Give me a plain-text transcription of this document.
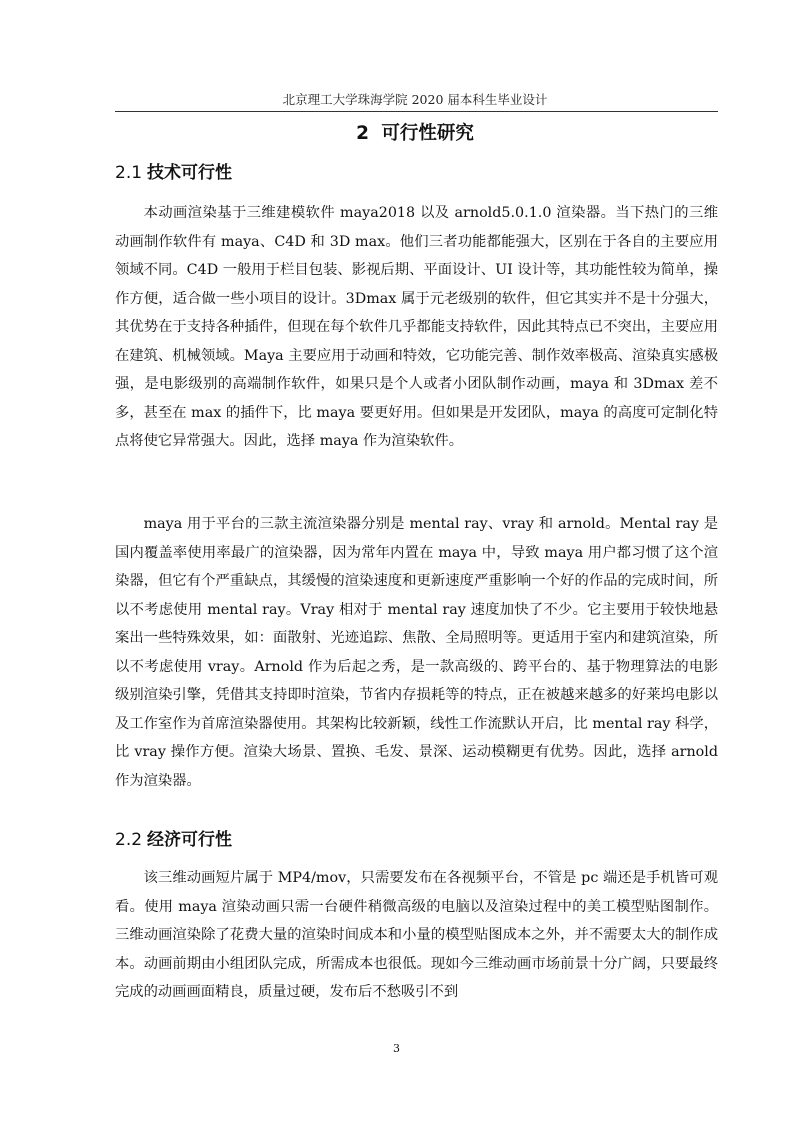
北京理工大学珠海学院 2020 届本科生毕业设计
2 可行性研究
2.1 技术可行性

本动画渲染基于三维建模软件 maya2018 以及 arnold5.0.1.0 渲染器。当下热门的三维动画制作软件有 maya、C4D 和 3D max。他们三者功能都能强大，区别在于各自的主要应用领域不同。C4D 一般用于栏目包装、影视后期、平面设计、UI 设计等，其功能性较为简单，操作方便，适合做一些小项目的设计。3Dmax 属于元老级别的软件，但它其实并不是十分强大，其优势在于支持各种插件，但现在每个软件几乎都能支持软件，因此其特点已不突出，主要应用在建筑、机械领域。Maya 主要应用于动画和特效，它功能完善、制作效率极高、渲染真实感极强，是电影级别的高端制作软件，如果只是个人或者小团队制作动画，maya 和 3Dmax 差不多，甚至在 max 的插件下，比 maya 要更好用。但如果是开发团队，maya 的高度可定制化特点将使它异常强大。因此，选择 maya 作为渲染软件。

maya 用于平台的三款主流渲染器分别是 mental ray、vray 和 arnold。Mental ray 是国内覆盖率使用率最广的渲染器，因为常年内置在 maya 中，导致 maya 用户都习惯了这个渲染器，但它有个严重缺点，其缓慢的渲染速度和更新速度严重影响一个好的作品的完成时间，所以不考虑使用 mental ray。Vray 相对于 mental ray 速度加快了不少。它主要用于较快地悬案出一些特殊效果，如：面散射、光迹追踪、焦散、全局照明等。更适用于室内和建筑渲染，所以不考虑使用 vray。Arnold 作为后起之秀，是一款高级的、跨平台的、基于物理算法的电影级别渲染引擎，凭借其支持即时渲染，节省内存损耗等的特点，正在被越来越多的好莱坞电影以及工作室作为首席渲染器使用。其架构比较新颖，线性工作流默认开启，比 mental ray 科学，比 vray 操作方便。渲染大场景、置换、毛发、景深、运动模糊更有优势。因此，选择 arnold 作为渲染器。

2.2 经济可行性

该三维动画短片属于 MP4/mov，只需要发布在各视频平台，不管是 pc 端还是手机皆可观看。使用 maya 渲染动画只需一台硬件稍微高级的电脑以及渲染过程中的美工模型贴图制作。三维动画渲染除了花费大量的渲染时间成本和小量的模型贴图成本之外，并不需要太大的制作成本。动画前期由小组团队完成，所需成本也很低。现如今三维动画市场前景十分广阔，只要最终完成的动画画面精良，质量过硬，发布后不愁吸引不到

3
